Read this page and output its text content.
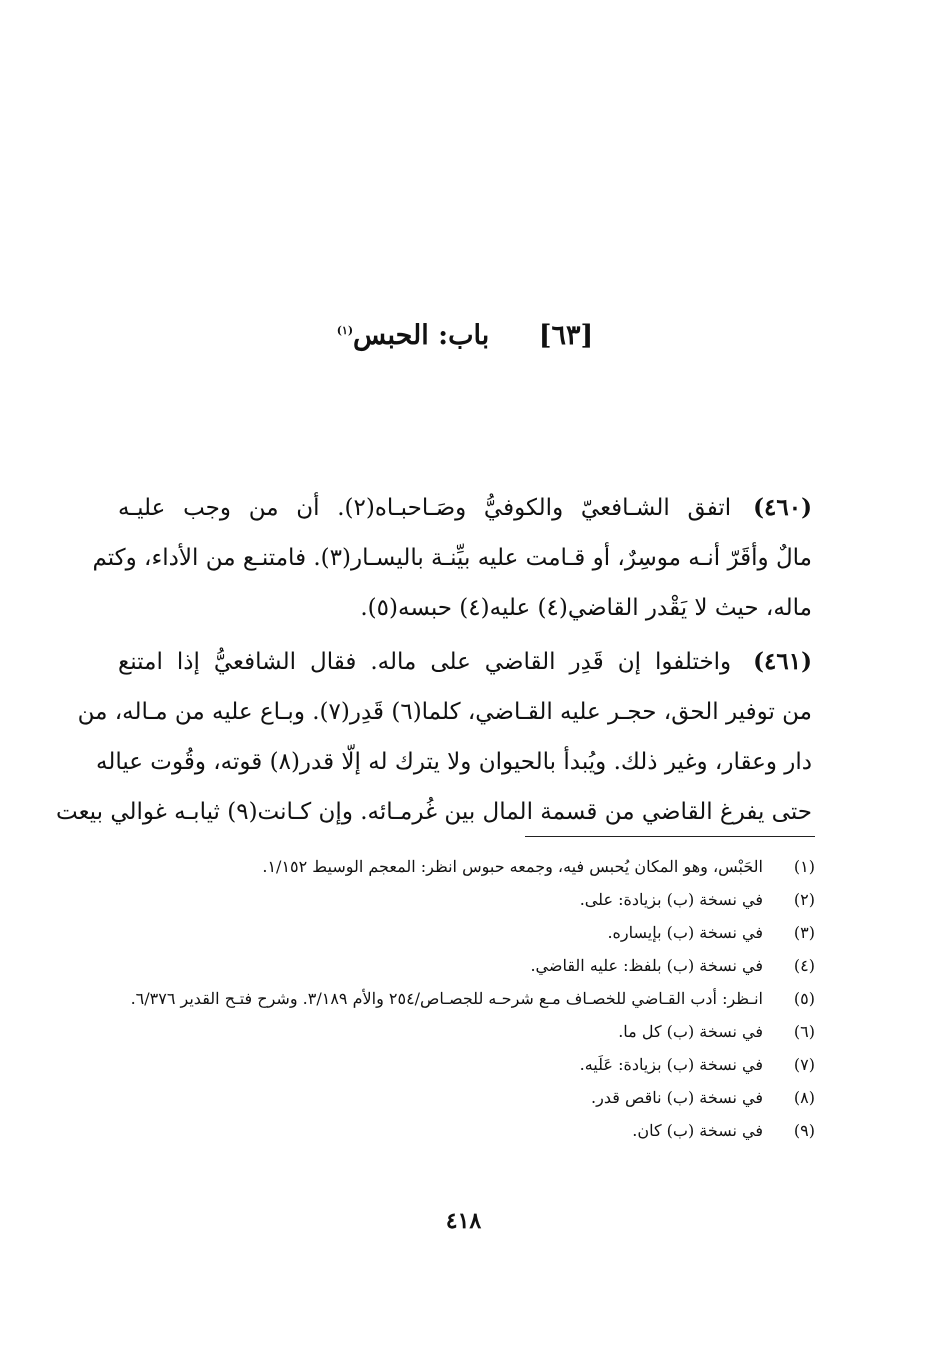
[٦٣] باب: الحبس$^{(١)}$
(٤٦٠)اتفق الشـافعيّ والكوفيُّ وصَـاحبـاه(٢). أن من وجب عليـه
مالٌ وأقَرّ أنـه موسِرٌ، أو قـامت عليه بيِّنـة باليسـار(٣). فامتنـع من الأداء، وكتم
ماله، حيث لا يَقْدر القاضي(٤) عليه(٤) حبسه(٥).
(٤٦١)واختلفوا إن قَدِر القاضي على ماله. فقال الشافعيُّ إذا امتنع
من توفير الحق، حجـر عليه القـاضي، كلما(٦) قَدِر(٧). وبـاع عليه من مـاله، من
دار وعقار، وغير ذلك. ويُبدأ بالحيوان ولا يترك له إلّا قدر(٨) قوته، وقُوت عياله
حتى يفرغ القاضي من قسمة المال بين غُرمـائه. وإن كـانت(٩) ثيابـه غوالي بيعت
(١)
الحَبْس، وهو المكان يُحبس فيه، وجمعه حبوس انظر: المعجم الوسيط ١/١٥٢.
(٢)
في نسخة (ب) بزيادة: على.
(٣)
في نسخة (ب) بإيساره.
(٤)
في نسخة (ب) بلفظ: عليه القاضي.
(٥)
انـظر: أدب القـاضي للخصـاف مـع شرحـه للجصـاص/٢٥٤ والأم ٣/١٨٩. وشرح فتـح القدير ٦/٣٧٦.
(٦)
في نسخة (ب) كل ما.
(٧)
في نسخة (ب) بزيادة: عَلَيه.
(٨)
في نسخة (ب) ناقص قدر.
(٩)
في نسخة (ب) كان.
٤١٨
